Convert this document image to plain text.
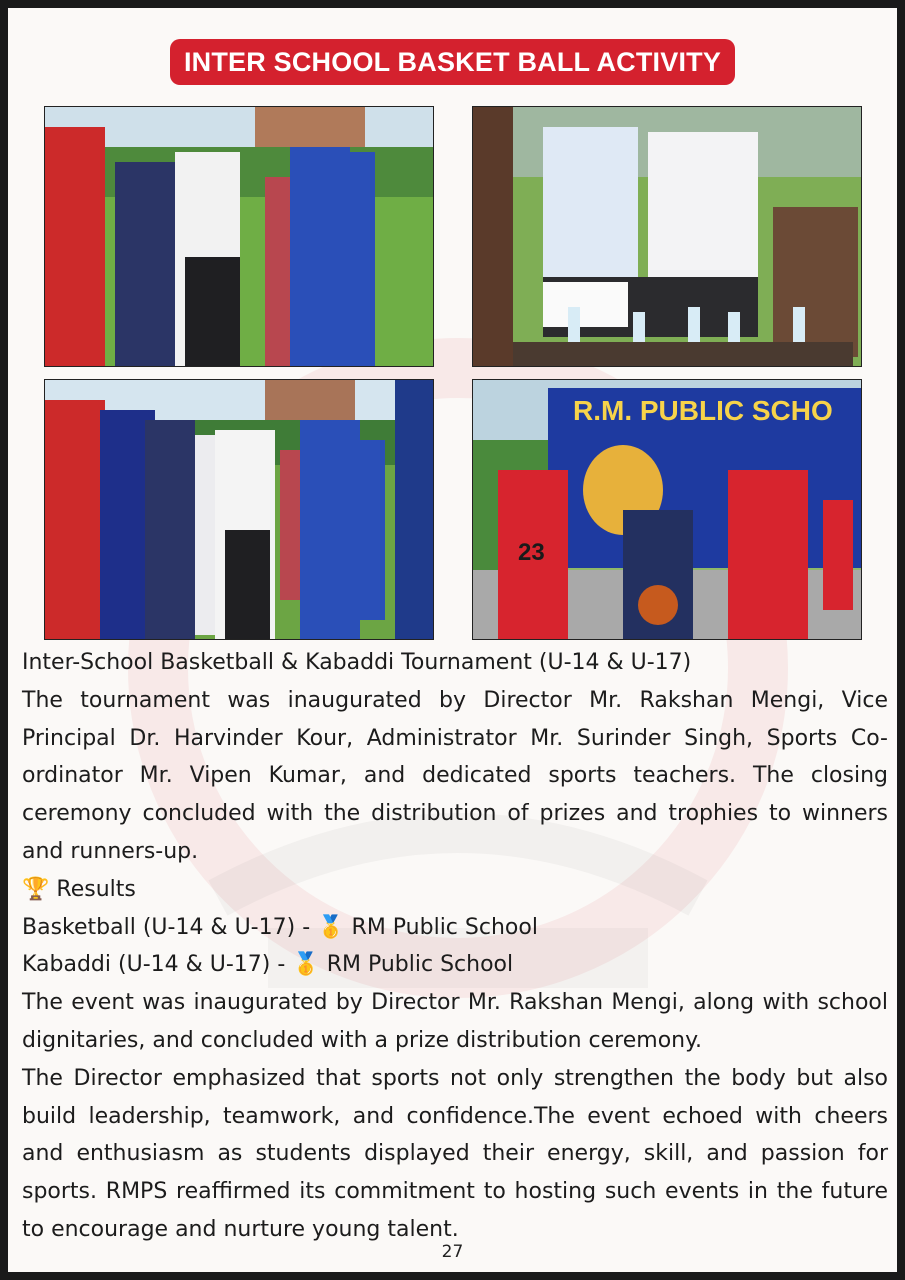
INTER SCHOOL BASKET BALL ACTIVITY
R.M. PUBLIC SCHO
23

Inter-School Basketball & Kabaddi Tournament (U-14 & U-17)

The tournament was inaugurated by Director Mr. Rakshan Mengi, Vice Principal Dr. Harvinder Kour, Administrator Mr. Surinder Singh, Sports Co-ordinator Mr. Vipen Kumar, and dedicated sports teachers. The closing ceremony concluded with the distribution of prizes and trophies to winners and runners-up.

🏆 Results

Basketball (U-14 & U-17) - 🥇 RM Public School

Kabaddi (U-14 & U-17) - 🥇 RM Public School

The event was inaugurated by Director Mr. Rakshan Mengi, along with school dignitaries, and concluded with a prize distribution ceremony.

The Director emphasized that sports not only strengthen the body but also build leadership, teamwork, and confidence.The event echoed with cheers and enthusiasm as students displayed their energy, skill, and passion for sports. RMPS reaffirmed its commitment to hosting such events in the future to encourage and nurture young talent.

27
